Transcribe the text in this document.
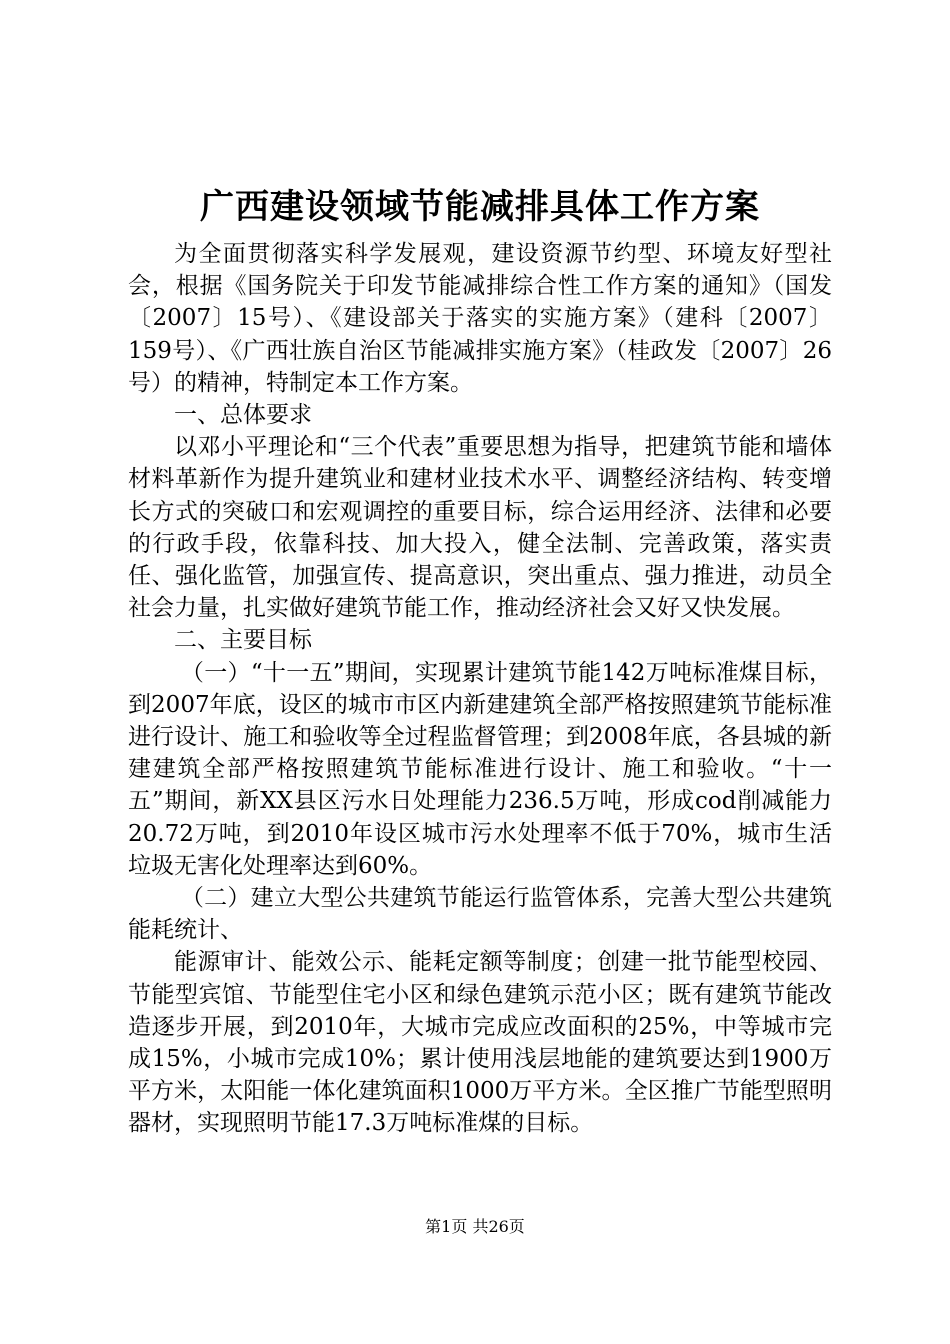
广西建设领域节能减排具体工作方案

为全面贯彻落实科学发展观，建设资源节约型、环境友好型社会，根据《国务院关于印发节能减排综合性工作方案的通知》（国发〔2007〕15号）、《建设部关于落实的实施方案》（建科〔2007〕159号）、《广西壮族自治区节能减排实施方案》（桂政发〔2007〕26号）的精神，特制定本工作方案。

一、总体要求

以邓小平理论和“三个代表”重要思想为指导，把建筑节能和墙体材料革新作为提升建筑业和建材业技术水平、调整经济结构、转变增长方式的突破口和宏观调控的重要目标，综合运用经济、法律和必要的行政手段，依靠科技、加大投入，健全法制、完善政策，落实责任、强化监管，加强宣传、提高意识，突出重点、强力推进，动员全社会力量，扎实做好建筑节能工作，推动经济社会又好又快发展。

二、主要目标

（一）“十一五”期间，实现累计建筑节能142万吨标准煤目标，到2007年底，设区的城市市区内新建建筑全部严格按照建筑节能标准进行设计、施工和验收等全过程监督管理；到2008年底，各县城的新建建筑全部严格按照建筑节能标准进行设计、施工和验收。“十一五”期间，新XX县区污水日处理能力236.5万吨，形成cod削减能力20.72万吨，到2010年设区城市污水处理率不低于70%，城市生活垃圾无害化处理率达到60%。

（二）建立大型公共建筑节能运行监管体系，完善大型公共建筑能耗统计、

能源审计、能效公示、能耗定额等制度；创建一批节能型校园、节能型宾馆、节能型住宅小区和绿色建筑示范小区；既有建筑节能改造逐步开展，到2010年，大城市完成应改面积的25%，中等城市完成15%，小城市完成10%；累计使用浅层地能的建筑要达到1900万平方米，太阳能一体化建筑面积1000万平方米。全区推广节能型照明器材，实现照明节能17.3万吨标准煤的目标。

第1页 共26页
